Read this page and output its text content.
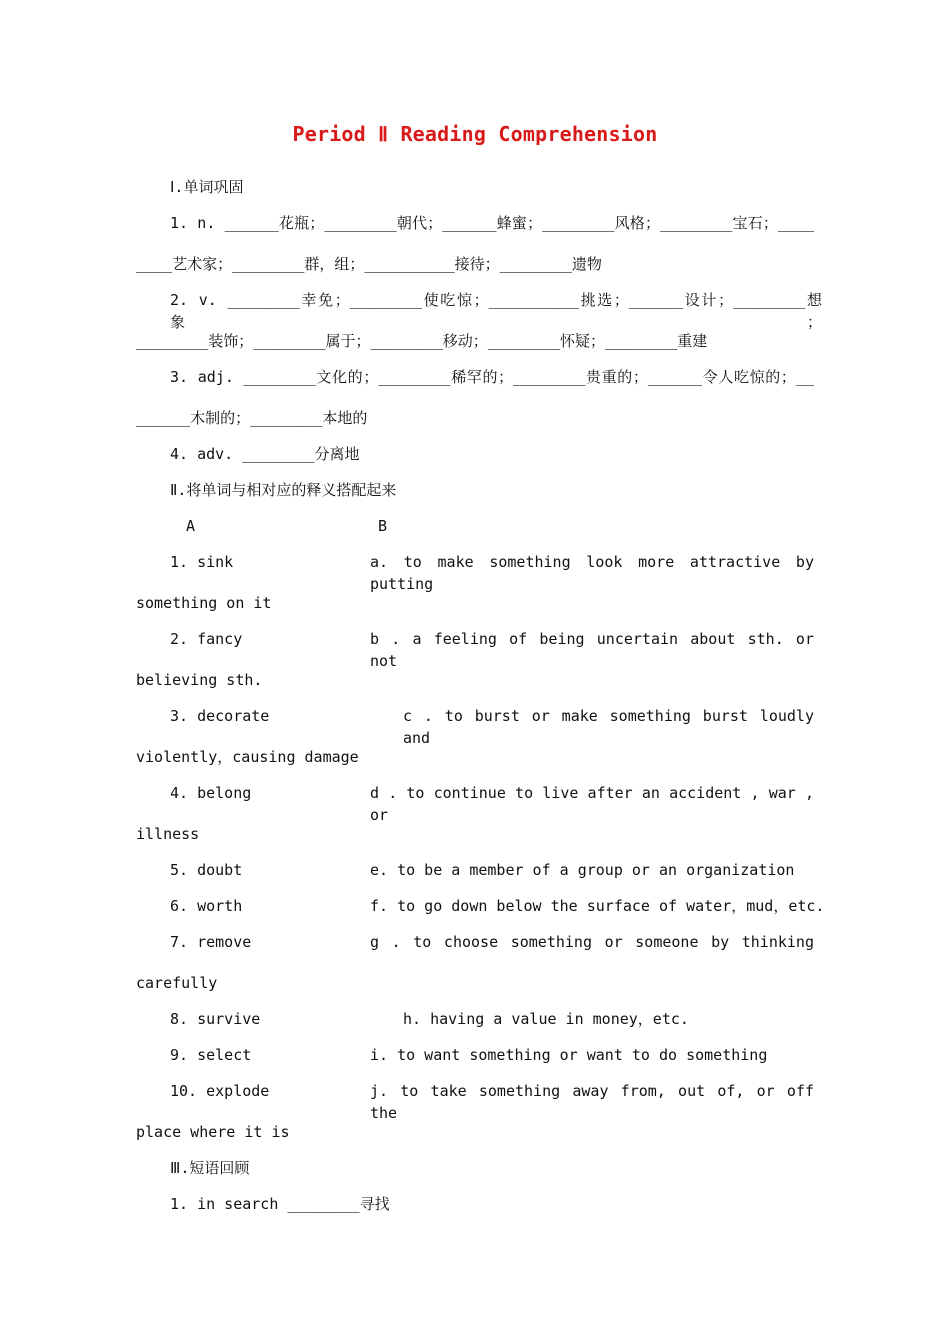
Period Ⅱ Reading Comprehension
Ⅰ.单词巩固
1. n. ______花瓶；________朝代；______蜂蜜；________风格；________宝石；____
____艺术家；________群，组；__________接待；________遗物
2. v. ________幸免；________使吃惊；__________挑选；______设计；________想象；
________装饰；________属于；________移动；________怀疑；________重建
3. adj. ________文化的；________稀罕的；________贵重的；______令人吃惊的；__
______木制的；________本地的
4. adv. ________分离地
Ⅱ.将单词与相对应的释义搭配起来
A	B
1. sink	a. to make something look more attractive by putting
something on it
2. fancy	b . a feeling of being uncertain about sth. or not
believing sth.
3. decorate	c . to burst or make something burst loudly and
violently，causing damage
4. belong	d . to continue to live after an accident , war , or
illness
5. doubt	e. to be a member of a group or an organization
6. worth	f. to go down below the surface of water，mud，etc.
7. remove	g . to choose something or someone by thinking
carefully
8. survive	h. having a value in money，etc.
9. select	i. to want something or want to do something
10. explode	j. to take something away from, out of, or off the
place where it is
Ⅲ.短语回顾
1. in search ________寻找
